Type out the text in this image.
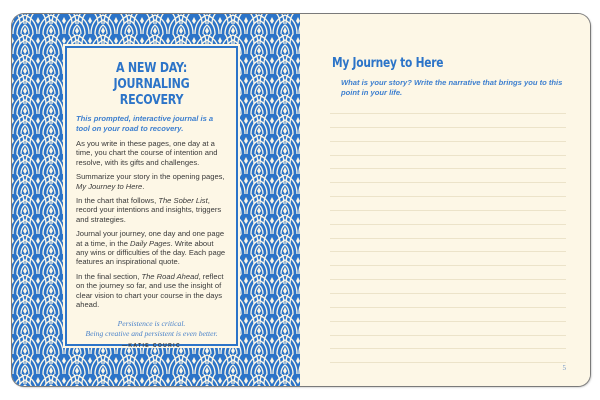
A NEW DAY:
JOURNALING RECOVERY

This prompted, interactive journal is a tool on your road to recovery.

As you write in these pages, one day at a time, you chart the course of intention and resolve, with its gifts and challenges.

Summarize your story in the opening pages, My Journey to Here.

In the chart that follows, The Sober List, record your intentions and insights, triggers and strategies.

Journal your journey, one day and one page at a time, in the Daily Pages. Write about any wins or difficulties of the day. Each page features an inspirational quote.

In the final section, The Road Ahead, reflect on the journey so far, and use the insight of clear vision to chart your course in the days ahead.

Persistence is critical.
Being creative and persistent is even better.
—KATIE COURIC
My Journey to Here
What is your story? Write the narrative that brings you to this point in your life.
5
